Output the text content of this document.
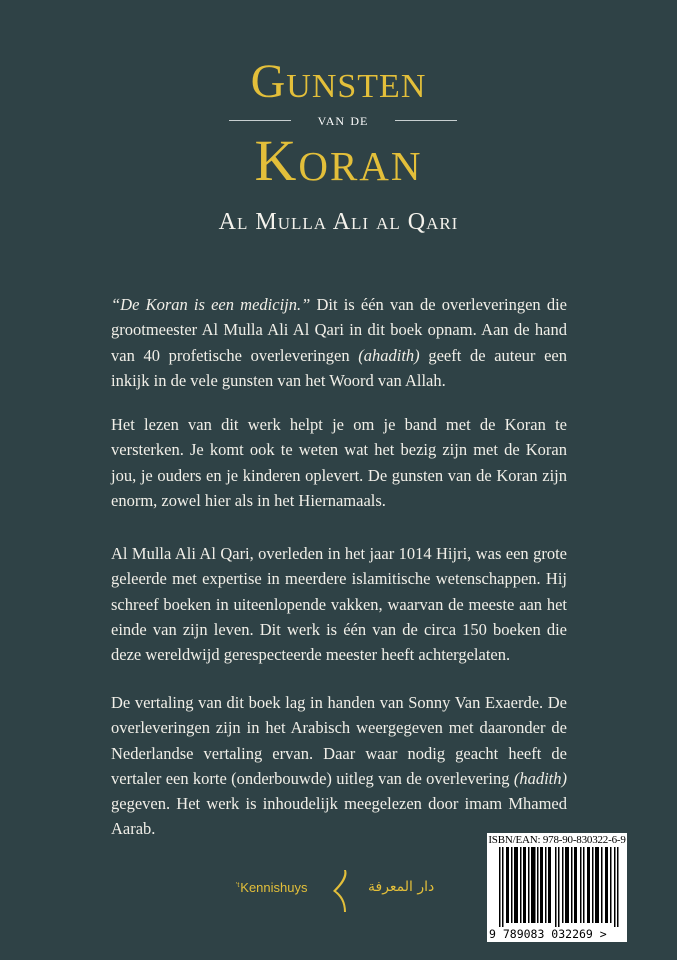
Gunsten
van de
Koran
Al Mulla Ali al Qari

“De Koran is een medicijn.” Dit is één van de overleveringen die grootmeester Al Mulla Ali Al Qari in dit boek opnam. Aan de hand van 40 profetische overleveringen (ahadith) geeft de auteur een inkijk in de vele gunsten van het Woord van Allah.

Het lezen van dit werk helpt je om je band met de Koran te versterken. Je komt ook te weten wat het bezig zijn met de Koran jou, je ouders en je kinderen oplevert. De gunsten van de Koran zijn enorm, zowel hier als in het Hiernamaals.

Al Mulla Ali Al Qari, overleden in het jaar 1014 Hijri, was een grote geleerde met expertise in meerdere islamitische wetenschappen. Hij schreef boeken in uiteenlopende vakken, waarvan de meeste aan het einde van zijn leven. Dit werk is één van de circa 150 boeken die deze wereldwijd gerespecteerde meester heeft achtergelaten.

De vertaling van dit boek lag in handen van Sonny Van Exaerde. De overleveringen zijn in het Arabisch weergegeven met daaronder de Nederlandse vertaling ervan. Daar waar nodig geacht heeft de vertaler een korte (onderbouwde) uitleg van de overlevering (hadith) gegeven. Het werk is inhoudelijk meegelezen door imam Mhamed Aarab.

$^{'t}$Kennishuys	دار المعرفة
ISBN/EAN: 978-90-830322-6-9
9 789083 032269 >
